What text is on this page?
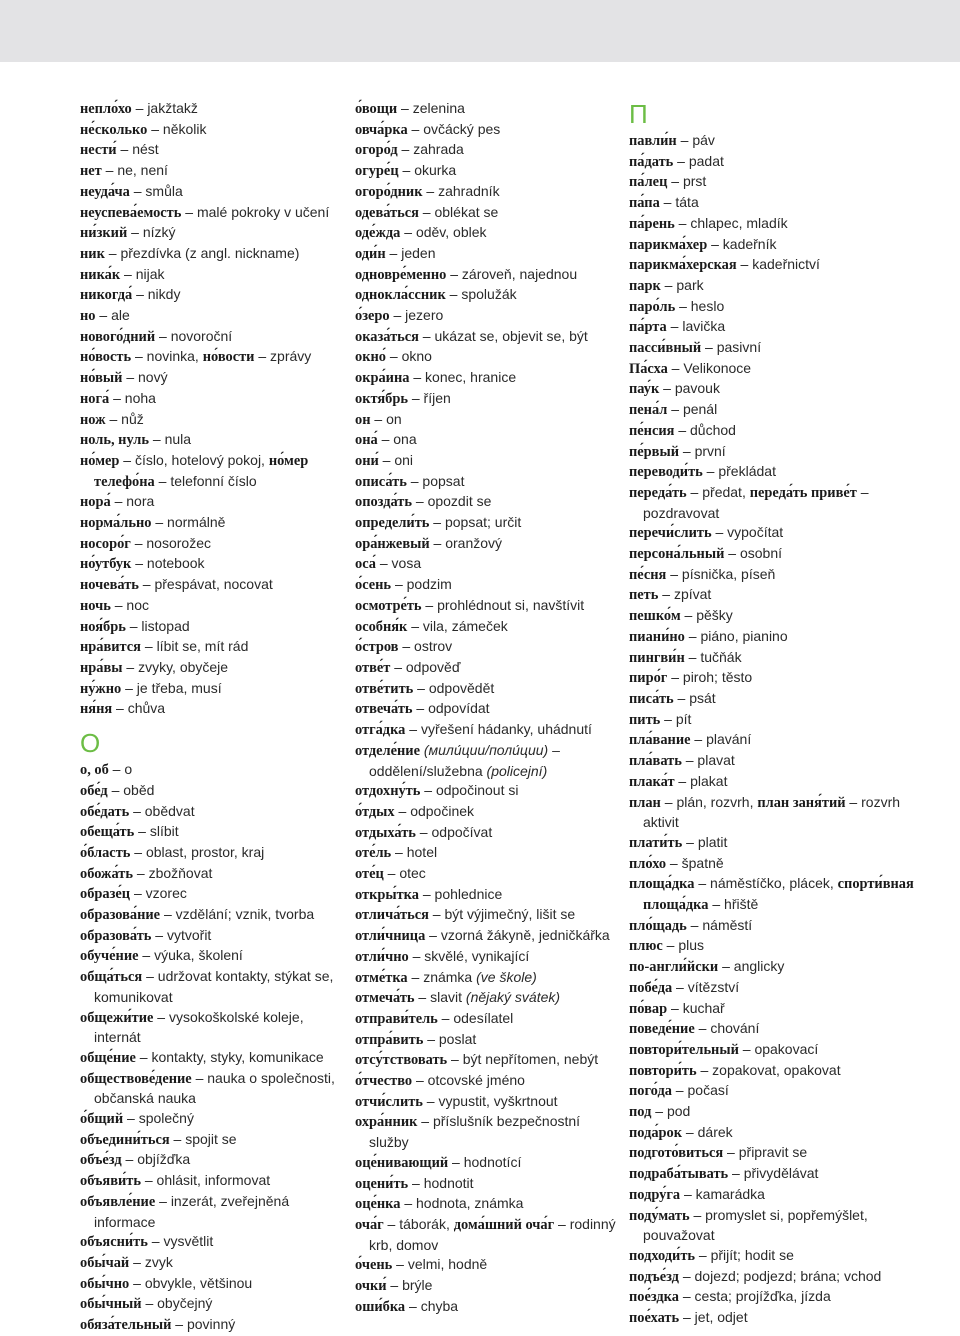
непло́хо – jakžtakž
не́сколько – několik
нести́ – nést
нет – ne, není
неуда́ча – smůla
неуспева́емость – malé pokroky v učení
ни́зкий – nízký
ник – přezdívka (z angl. nickname)
ника́к – nijak
никогда́ – nikdy
но – ale
нового́дний – novoroční
но́вость – novinka, но́вости – zprávy
но́вый – nový
нога́ – noha
нож – nůž
ноль, нуль – nula
но́мер – číslo, hotelový pokoj, но́мер телефо́на – telefonní číslo
нора́ – nora
норма́льно – normálně
носоро́г – nosorožec
но́утбук – notebook
ночева́ть – přespávat, nocovat
ночь – noc
ноя́брь – listopad
нра́вится – líbit se, mít rád
нра́вы – zvyky, obyčeje
ну́жно – je třeba, musí
ня́ня – chůva
О
о, об – o
обе́д – oběd
обе́дать – obědvat
обеща́ть – slíbit
о́бласть – oblast, prostor, kraj
обожа́ть – zbožňovat
образе́ц – vzorec
образова́ние – vzdělání; vznik, tvorba
образова́ть – vytvořit
обуче́ние – výuka, školení
обща́ться – udržovat kontakty, stýkat se, komunikovat
общежи́тие – vysokoškolské koleje, internát
обще́ние – kontakty, styky, komunikace
обществове́дение – nauka o společnosti, občanská nauka
о́бщий – společný
объедини́ться – spojit se
объе́зд – objížďka
объяви́ть – ohlásit, informovat
объявле́ние – inzerát, zveřejněná informace
объясни́ть – vysvětlit
обы́чай – zvyk
обы́чно – obvykle, většinou
обы́чный – obyčejný
обяза́тельный – povinný
о́вощи – zelenina
овча́рка – ovčácký pes
огоро́д – zahrada
огуре́ц – okurka
огоро́дник – zahradník
одева́ться – oblékat se
оде́жда – oděv, oblek
оди́н – jeden
одновре́менно – zároveň, najednou
однокла́ссник – spolužák
о́зеро – jezero
оказа́ться – ukázat se, objevit se, být
окно́ – okno
окра́ина – konec, hranice
октя́брь – říjen
он – on
она́ – ona
они́ – oni
описа́ть – popsat
опозда́ть – opozdit se
определи́ть – popsat; určit
ора́нжевый – oranžový
оса́ – vosa
о́сень – podzim
осмотре́ть – prohlédnout si, navštívit
особня́к – vila, zámeček
о́стров – ostrov
отве́т – odpověď
отве́тить – odpovědět
отвеча́ть – odpovídat
отга́дка – vyřešení hádanky, uhádnutí
отделе́ние (мили́ции/поли́ции) – oddělení/služebna (policejní)
отдохну́ть – odpočinout si
о́тдых – odpočinek
отдыха́ть – odpočívat
оте́ль – hotel
оте́ц – otec
откры́тка – pohlednice
отлича́ться – být výjimečný, lišit se
отли́чница – vzorná žákyně, jedničkářka
отли́чно – skvělé, vynikající
отме́тка – známka (ve škole)
отмеча́ть – slavit (nějaký svátek)
отправи́тель – odesílatel
отпра́вить – poslat
отсу́тствовать – být nepřítomen, nebýt
о́тчество – otcovské jméno
отчи́слить – vypustit, vyškrtnout
охра́нник – příslušník bezpečnostní služby
оце́нивающий – hodnotící
оцени́ть – hodnotit
оце́нка – hodnota, známka
оча́г – táborák, дома́шний оча́г – rodinný krb, domov
о́чень – velmi, hodně
очки́ – brýle
оши́бка – chyba
П
павли́н – páv
па́дать – padat
па́лец – prst
па́па – táta
па́рень – chlapec, mladík
парикма́хер – kadeřník
парикма́херская – kadeřnictví
парк – park
паро́ль – heslo
па́рта – lavička
пасси́вный – pasivní
Па́сха – Velikonoce
пау́к – pavouk
пена́л – penál
пе́нсия – důchod
пе́рвый – první
переводи́ть – překládat
переда́ть – předat, переда́ть приве́т – pozdravovat
перечи́слить – vypočítat
персона́льный – osobní
пе́сня – písnička, píseň
петь – zpívat
пешко́м – pěšky
пиани́но – piáno, pianino
пингви́н – tučňák
пиро́г – piroh; těsto
писа́ть – psát
пить – pít
пла́вание – plavání
пла́вать – plavat
плака́т – plakat
план – plán, rozvrh, план заня́тий – rozvrh aktivit
плати́ть – platit
пло́хо – špatně
площа́дка – náměstíčko, plácek, спорти́вная площа́дка – hřiště
пло́щадь – náměstí
плюс – plus
по-англи́йски – anglicky
побе́да – vítězství
по́вар – kuchař
поведе́ние – chování
повтори́тельный – opakovací
повтори́ть – zopakovat, opakovat
пого́да – počasí
под – pod
пода́рок – dárek
подгото́виться – připravit se
подраба́тывать – přivydělávat
подру́га – kamarádka
поду́мать – promyslet si, popřemýšlet, pouvažovat
подходи́ть – přijít; hodit se
подъе́зд – dojezd; podjezd; brána; vchod
пое́здка – cesta; projížďka, jízda
пое́хать – jet, odjet
